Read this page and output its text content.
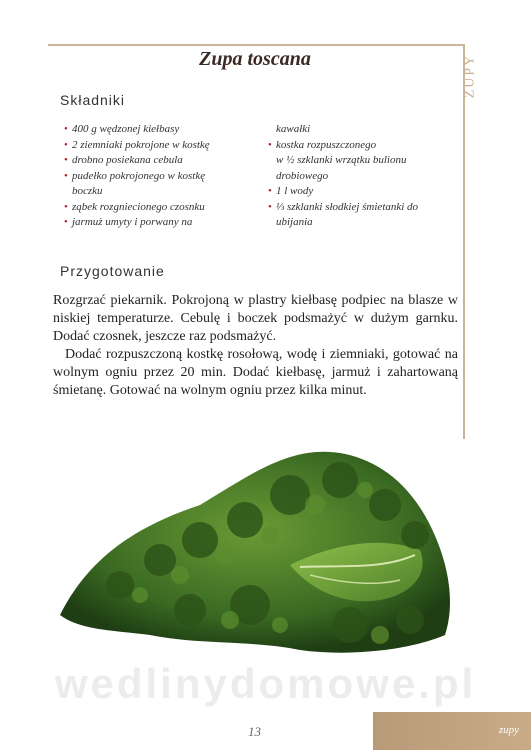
ZUPY
Zupa toscana
Składniki
• 400 g wędzonej kiełbasy
• 2 ziemniaki pokrojone w kostkę
• drobno posiekana cebula
• pudełko pokrojonego w kostkę
boczku
• ząbek rozgniecionego czosnku
• jarmuż umyty i porwany na
kawałki
• kostka rozpuszczonego
w ½ szklanki wrzątku bulionu
drobiowego
• 1 l wody
• ⅓ szklanki słodkiej śmietanki do
ubijania
Przygotowanie

Rozgrzać piekarnik. Pokrojoną w plastry kiełbasę podpiec na blasze w niskiej temperaturze. Cebulę i boczek podsmażyć w dużym garnku. Dodać czosnek, jeszcze raz podsmażyć.

Dodać rozpuszczoną kostkę rosołową, wodę i ziemniaki, gotować na wolnym ogniu przez 20 min. Dodać kiełbasę, jarmuż i zahartowaną śmietanę. Gotować na wolnym ogniu przez kilka minut.

wedlinydomowe.pl
13	zupy
